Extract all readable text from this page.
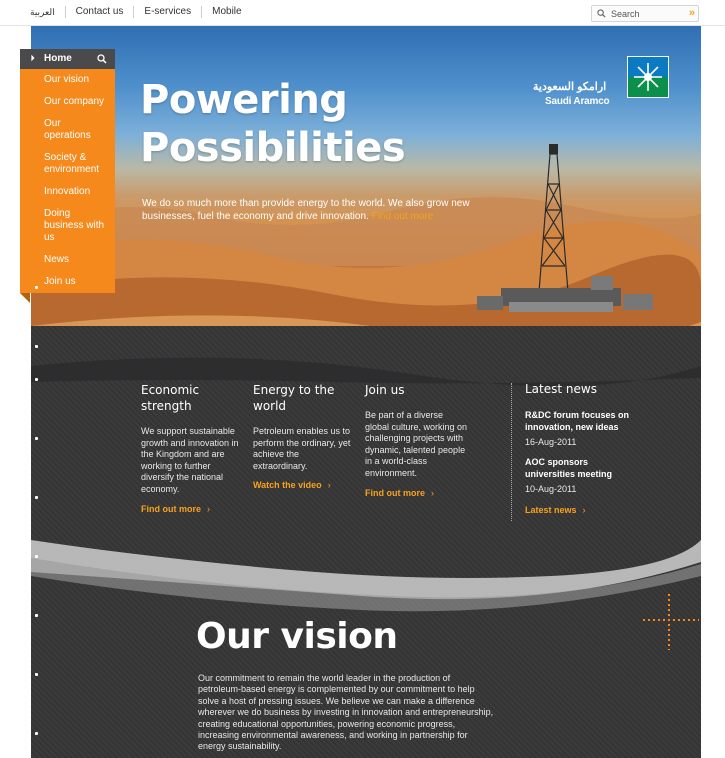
العربية	Contact us	E-services	Mobile
Search	»
Powering
Possibilities
We do so much more than provide energy to the world. We also grow new businesses, fuel the economy and drive innovation. Find out more
ارامكو السعودية
Saudi Aramco
Home
Our vision
Our company
Our operations
Society & environment
Innovation
Doing business with us
News
Join us
Economic strength

We support sustainable growth and innovation in the Kingdom and are working to further diversify the national economy.

Find out more ›
Energy to the world

Petroleum enables us to perform the ordinary, yet achieve the extraordinary.

Watch the video ›
Join us

Be part of a diverse global culture, working on challenging projects with dynamic, talented people in a world-class environment.

Find out more ›
Latest news
R&DC forum focuses on innovation, new ideas
16-Aug-2011
AOC sponsors universities meeting
10-Aug-2011
Latest news ›
Our vision
Our commitment to remain the world leader in the production of petroleum-based energy is complemented by our commitment to help solve a host of pressing issues. We believe we can make a difference wherever we do business by investing in innovation and entrepreneurship, creating educational opportunities, powering economic progress, increasing environmental awareness, and working in partnership for energy sustainability.
